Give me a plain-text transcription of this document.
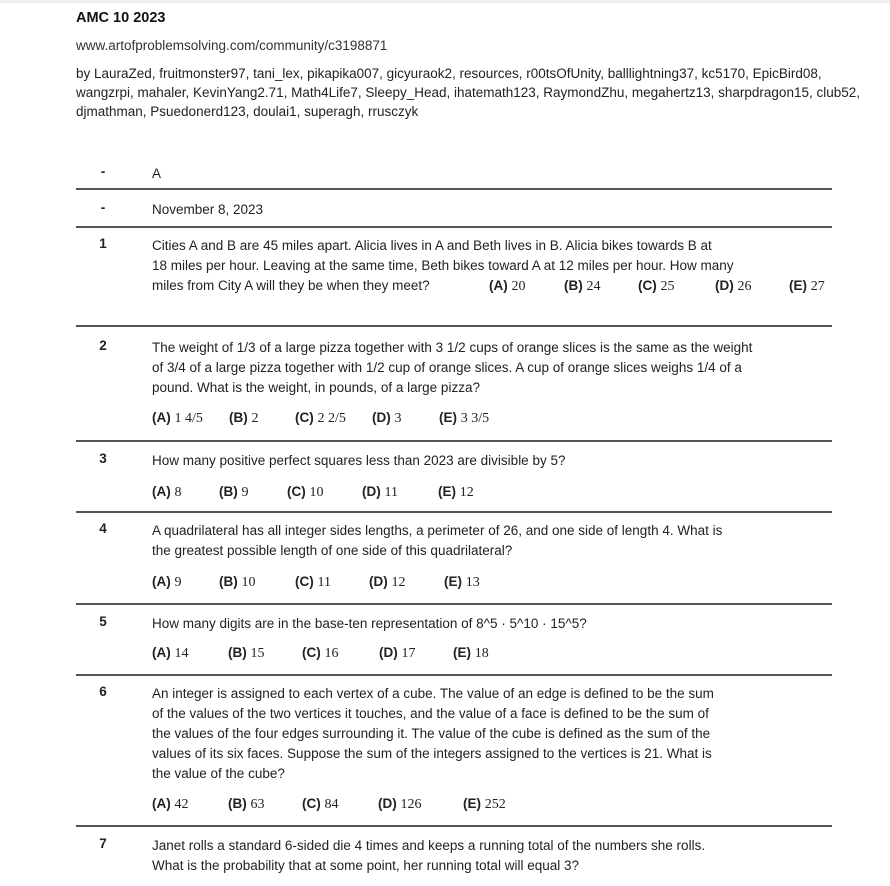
AMC 10 2023
www.artofproblemsolving.com/community/c3198871
by LauraZed, fruitmonster97, tani_lex, pikapika007, gicyuraok2, resources, r00tsOfUnity, balllightning37, kc5170, EpicBird08, wangzrpi, mahaler, KevinYang2.71, Math4Life7, Sleepy_Head, ihatemath123, RaymondZhu, megahertz13, sharpdragon15, club52, djmathman, Psuedonerd123, doulai1, superagh, rrusczyk
-	A
-	November 8, 2023
1	Cities A and B are 45 miles apart. Alicia lives in A and Beth lives in B. Alicia bikes towards B at
18 miles per hour. Leaving at the same time, Beth bikes toward A at 12 miles per hour. How many
miles from City A will they be when they meet?	(A) 20	(B) 24	(C) 25	(D) 26	(E) 27
2	The weight of 1/3 of a large pizza together with 3 1/2 cups of orange slices is the same as the weight
of 3/4 of a large pizza together with 1/2 cup of orange slices. A cup of orange slices weighs 1/4 of a
pound. What is the weight, in pounds, of a large pizza?
(A) 1 4/5 (B) 2	(C) 2 2/5 (D) 3	(E) 3 3/5
3	How many positive perfect squares less than 2023 are divisible by 5?
(A) 8	(B) 9	(C) 10	(D) 11	(E) 12
4	A quadrilateral has all integer sides lengths, a perimeter of 26, and one side of length 4. What is
the greatest possible length of one side of this quadrilateral?
(A) 9	(B) 10	(C) 11	(D) 12	(E) 13
5	How many digits are in the base-ten representation of 8^5 · 5^10 · 15^5?
(A) 14	(B) 15	(C) 16	(D) 17	(E) 18
6	An integer is assigned to each vertex of a cube. The value of an edge is defined to be the sum
of the values of the two vertices it touches, and the value of a face is defined to be the sum of
the values of the four edges surrounding it. The value of the cube is defined as the sum of the
values of its six faces. Suppose the sum of the integers assigned to the vertices is 21. What is
the value of the cube?
(A) 42	(B) 63	(C) 84	(D) 126	(E) 252
7	Janet rolls a standard 6-sided die 4 times and keeps a running total of the numbers she rolls.
What is the probability that at some point, her running total will equal 3?
